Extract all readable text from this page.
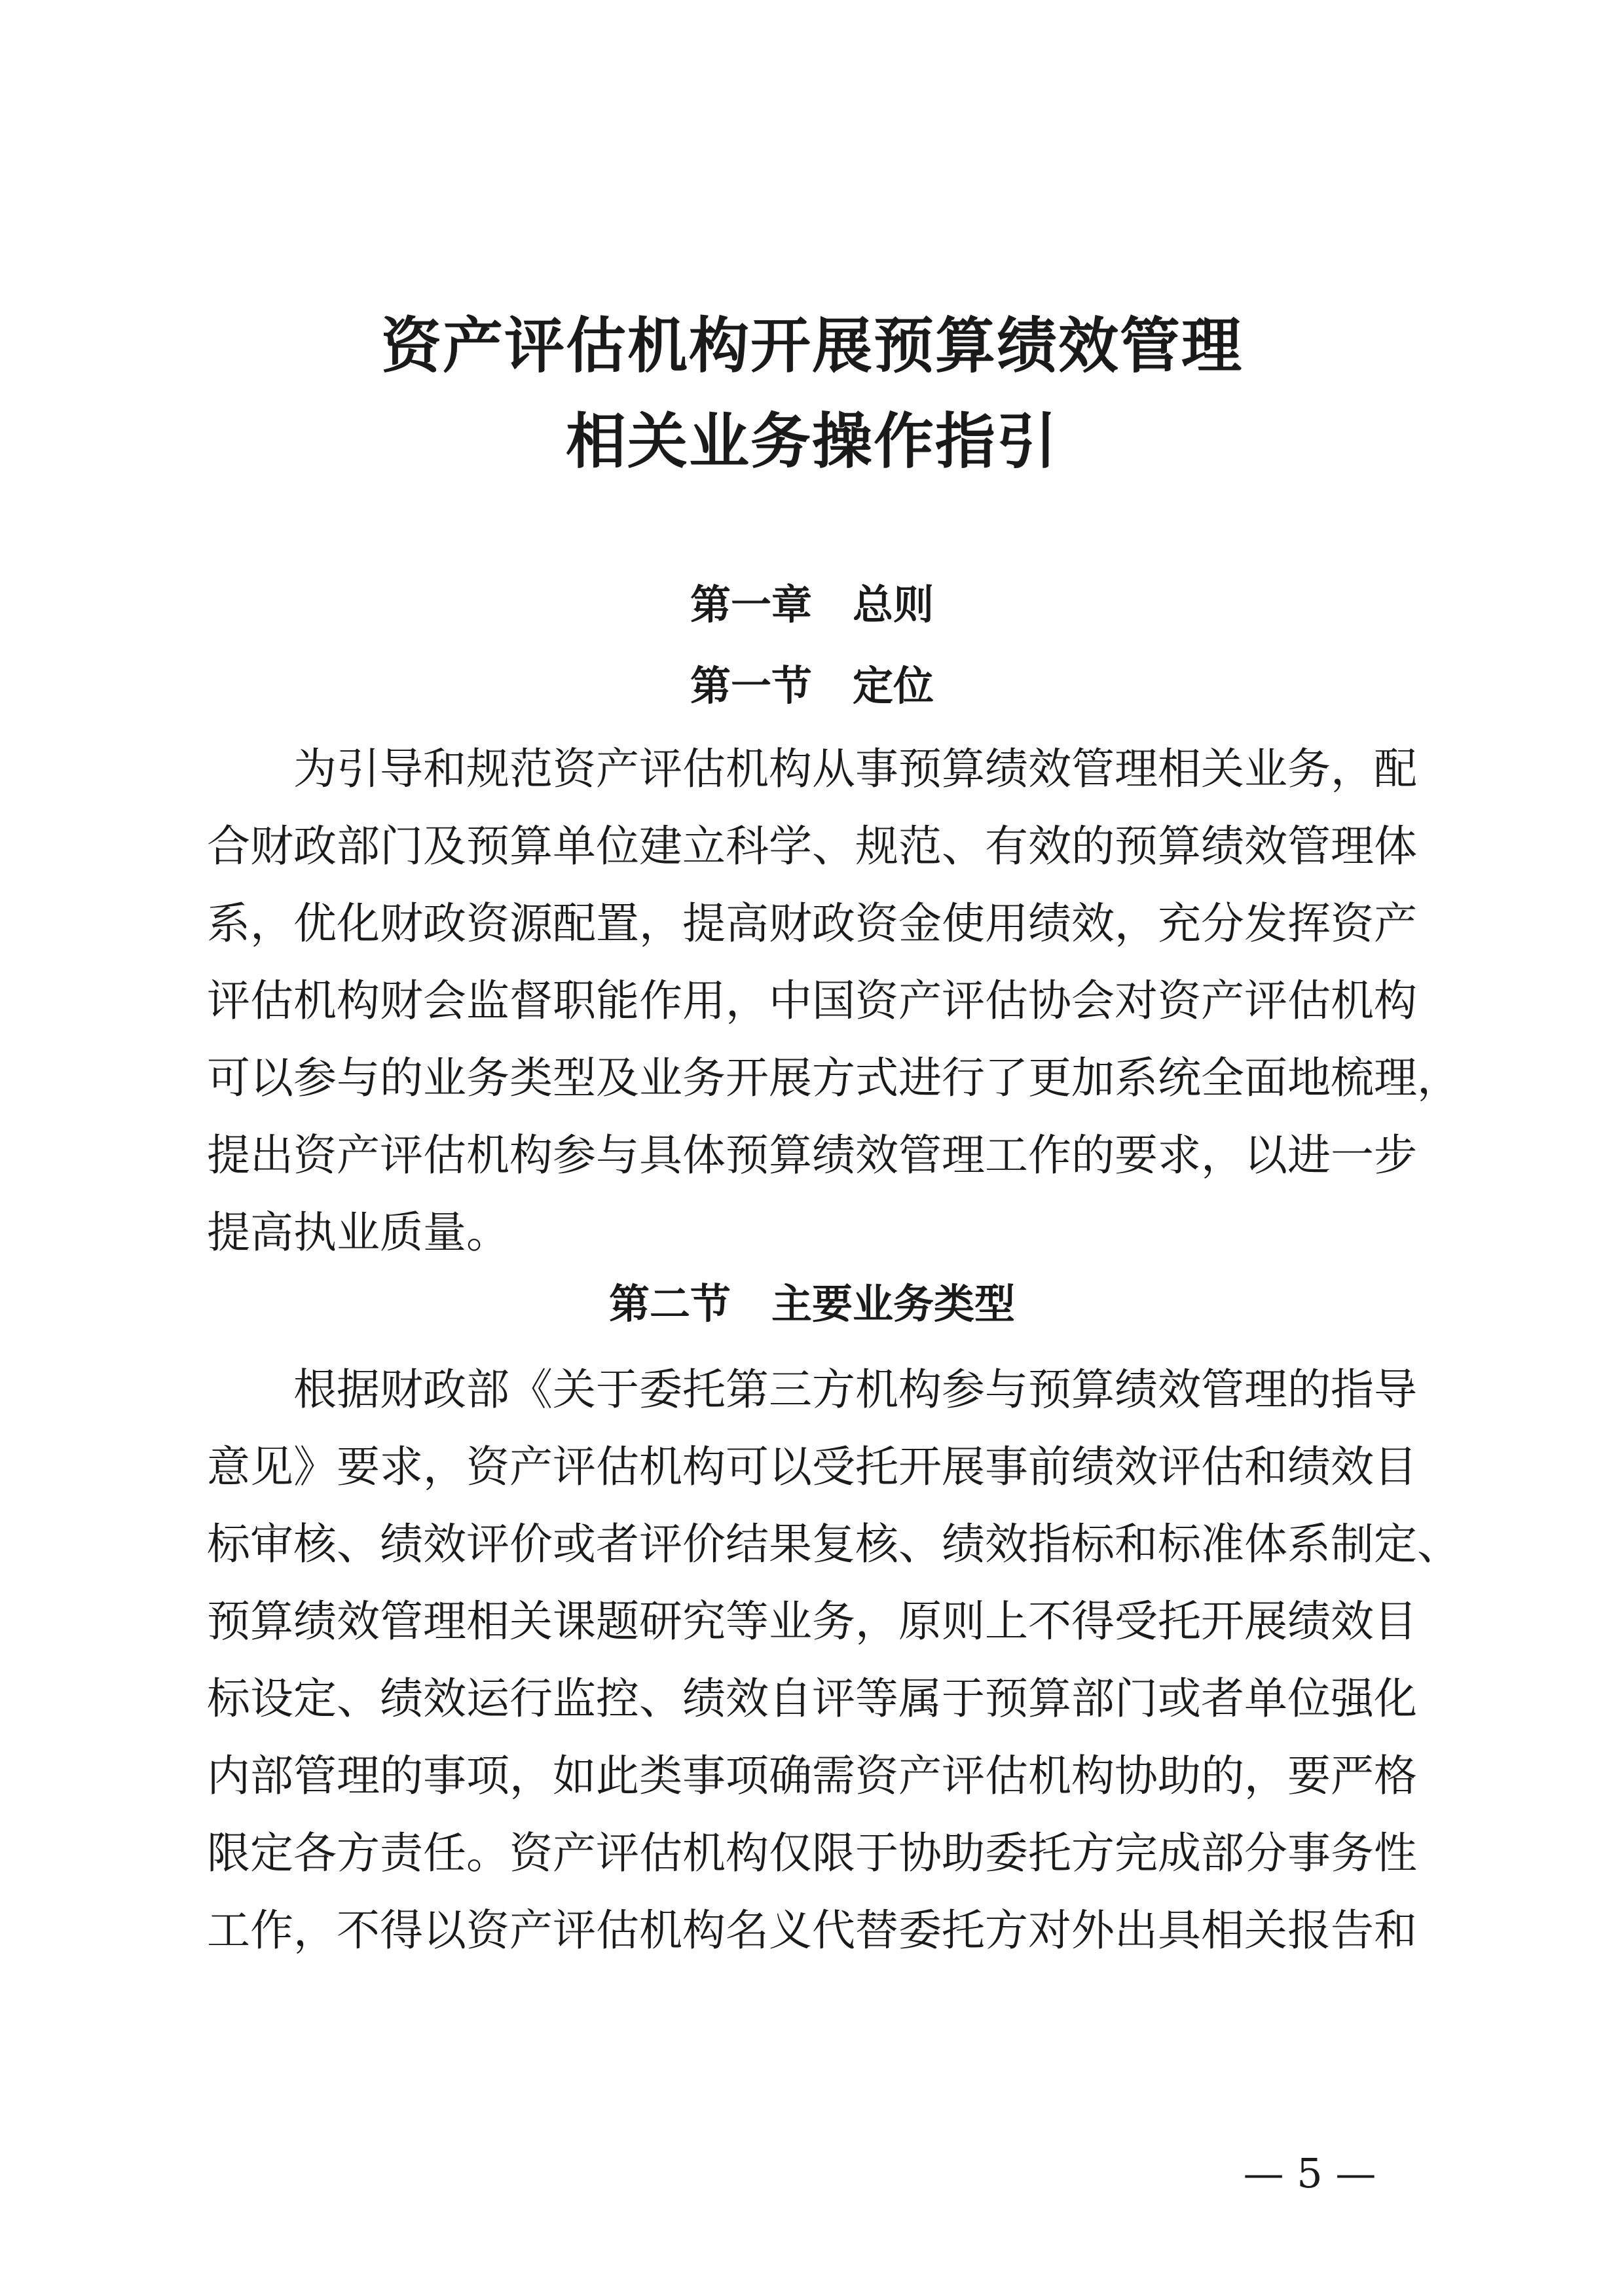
资产评估机构开展预算绩效管理
相关业务操作指引
第一章　总则
第一节　定位
为引导和规范资产评估机构从事预算绩效管理相关业务，配
合财政部门及预算单位建立科学、规范、有效的预算绩效管理体
系，优化财政资源配置，提高财政资金使用绩效，充分发挥资产
评估机构财会监督职能作用，中国资产评估协会对资产评估机构
可以参与的业务类型及业务开展方式进行了更加系统全面地梳理，
提出资产评估机构参与具体预算绩效管理工作的要求，以进一步
提高执业质量。
第二节　主要业务类型
根据财政部《关于委托第三方机构参与预算绩效管理的指导
意见》要求，资产评估机构可以受托开展事前绩效评估和绩效目
标审核、绩效评价或者评价结果复核、绩效指标和标准体系制定、
预算绩效管理相关课题研究等业务，原则上不得受托开展绩效目
标设定、绩效运行监控、绩效自评等属于预算部门或者单位强化
内部管理的事项，如此类事项确需资产评估机构协助的，要严格
限定各方责任。资产评估机构仅限于协助委托方完成部分事务性
工作，不得以资产评估机构名义代替委托方对外出具相关报告和
— 5 —
